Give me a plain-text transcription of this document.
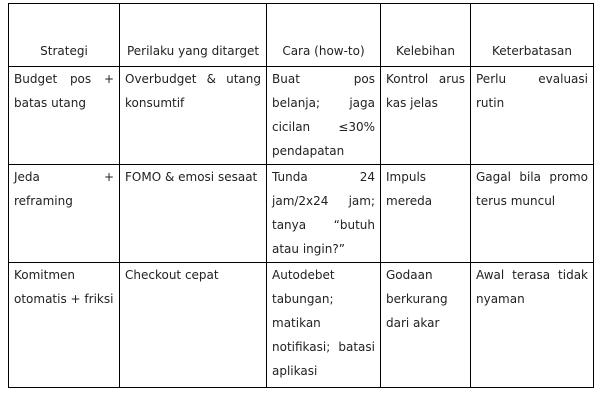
Strategi	Perilaku yang ditarget	Cara (how-to)	Kelebihan	Keterbatasan
Budget pos + batas utang	Overbudget & utang konsumtif	Buat pos belanja; jaga cicilan ≤30% pendapatan	Kontrol arus kas jelas	Perlu evaluasi rutin
Jeda + reframing	FOMO & emosi sesaat	Tunda 24 jam/2x24 jam; tanya “butuh atau ingin?”	Impuls mereda	Gagal bila promo terus muncul
Komitmen otomatis + friksi	Checkout cepat	Autodebet tabungan; matikan notifikasi; batasi aplikasi	Godaan berkurang dari akar	Awal terasa tidak nyaman
